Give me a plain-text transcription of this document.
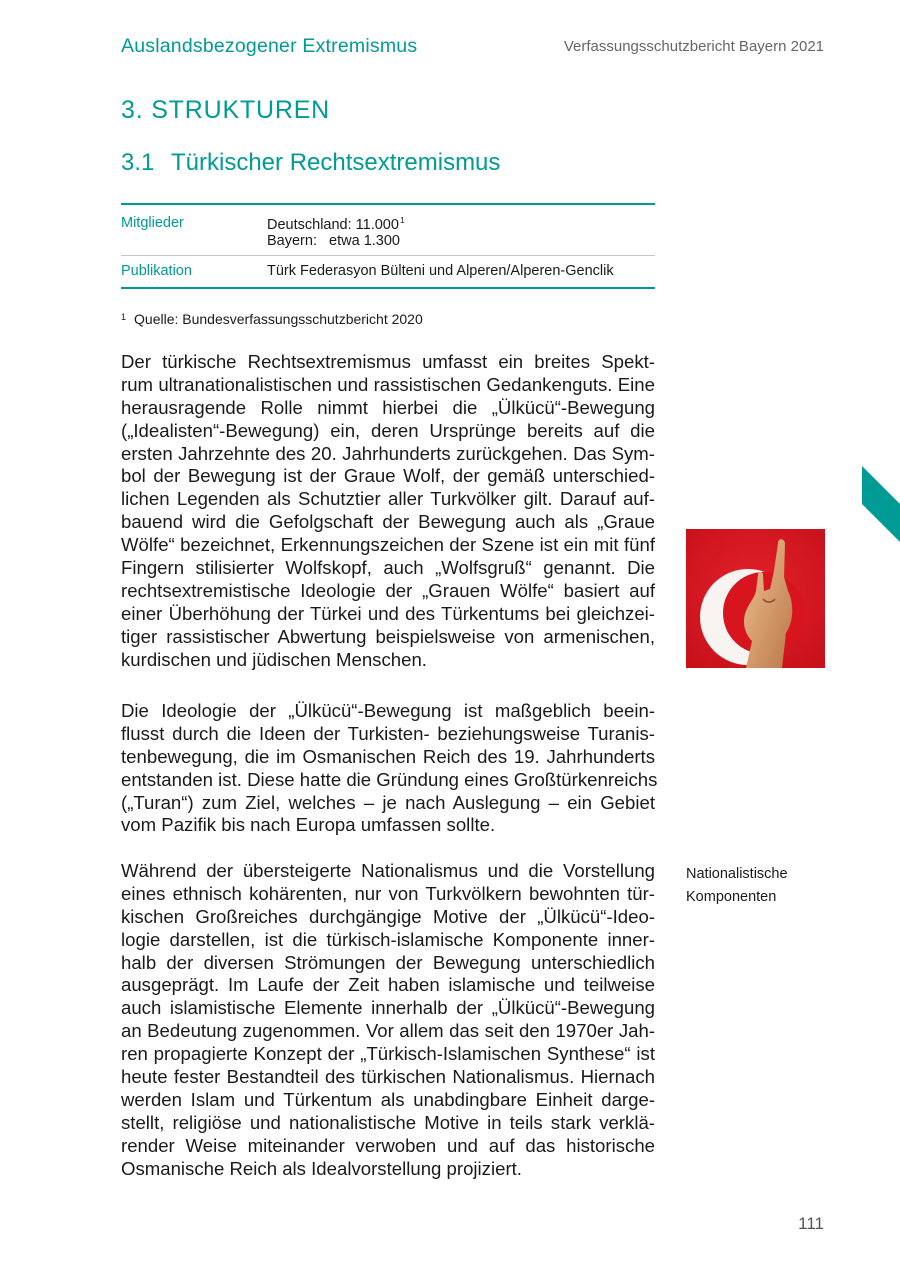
Auslandsbezogener Extremismus	Verfassungsschutzbericht Bayern 2021
3. STRUKTUREN
3.1 Türkischer Rechtsextremismus
Mitglieder	Deutschland: 11.000$^1$
Bayern:   etwa 1.300
Publikation	Türk Federasyon Bülteni und Alperen/Alperen-Genclik
$^1$ Quelle: Bundesverfassungsschutzbericht 2020
Der türkische Rechtsextremismus umfasst ein breites Spekt-
rum ultranationalistischen und rassistischen Gedankenguts. Eine
herausragende Rolle nimmt hierbei die „Ülkücü“-Bewegung
(„Idealisten“-Bewegung) ein, deren Ursprünge bereits auf die
ersten Jahrzehnte des 20. Jahrhunderts zurückgehen. Das Sym-
bol der Bewegung ist der Graue Wolf, der gemäß unterschied-
lichen Legenden als Schutztier aller Turkvölker gilt. Darauf auf-
bauend wird die Gefolgschaft der Bewegung auch als „Graue
Wölfe“ bezeichnet, Erkennungszeichen der Szene ist ein mit fünf
Fingern stilisierter Wolfskopf, auch „Wolfsgruß“ genannt. Die
rechtsextremistische Ideologie der „Grauen Wölfe“ basiert auf
einer Überhöhung der Türkei und des Türkentums bei gleichzei-
tiger rassistischer Abwertung beispielsweise von armenischen,
kurdischen und jüdischen Menschen.
Die Ideologie der „Ülkücü“-Bewegung ist maßgeblich beein-
flusst durch die Ideen der Turkisten- beziehungsweise Turanis-
tenbewegung, die im Osmanischen Reich des 19. Jahrhunderts
entstanden ist. Diese hatte die Gründung eines Großtürkenreichs
(„Turan“) zum Ziel, welches – je nach Auslegung – ein Gebiet
vom Pazifik bis nach Europa umfassen sollte.
Während der übersteigerte Nationalismus und die Vorstellung
eines ethnisch kohärenten, nur von Turkvölkern bewohnten tür-
kischen Großreiches durchgängige Motive der „Ülkücü“-Ideo-
logie darstellen, ist die türkisch-islamische Komponente inner-
halb der diversen Strömungen der Bewegung unterschiedlich
ausgeprägt. Im Laufe der Zeit haben islamische und teilweise
auch islamistische Elemente innerhalb der „Ülkücü“-Bewegung
an Bedeutung zugenommen. Vor allem das seit den 1970er Jah-
ren propagierte Konzept der „Türkisch-Islamischen Synthese“ ist
heute fester Bestandteil des türkischen Nationalismus. Hiernach
werden Islam und Türkentum als unabdingbare Einheit darge-
stellt, religiöse und nationalistische Motive in teils stark verklä-
render Weise miteinander verwoben und auf das historische
Osmanische Reich als Idealvorstellung projiziert.
Nationalistische
Komponenten
111
